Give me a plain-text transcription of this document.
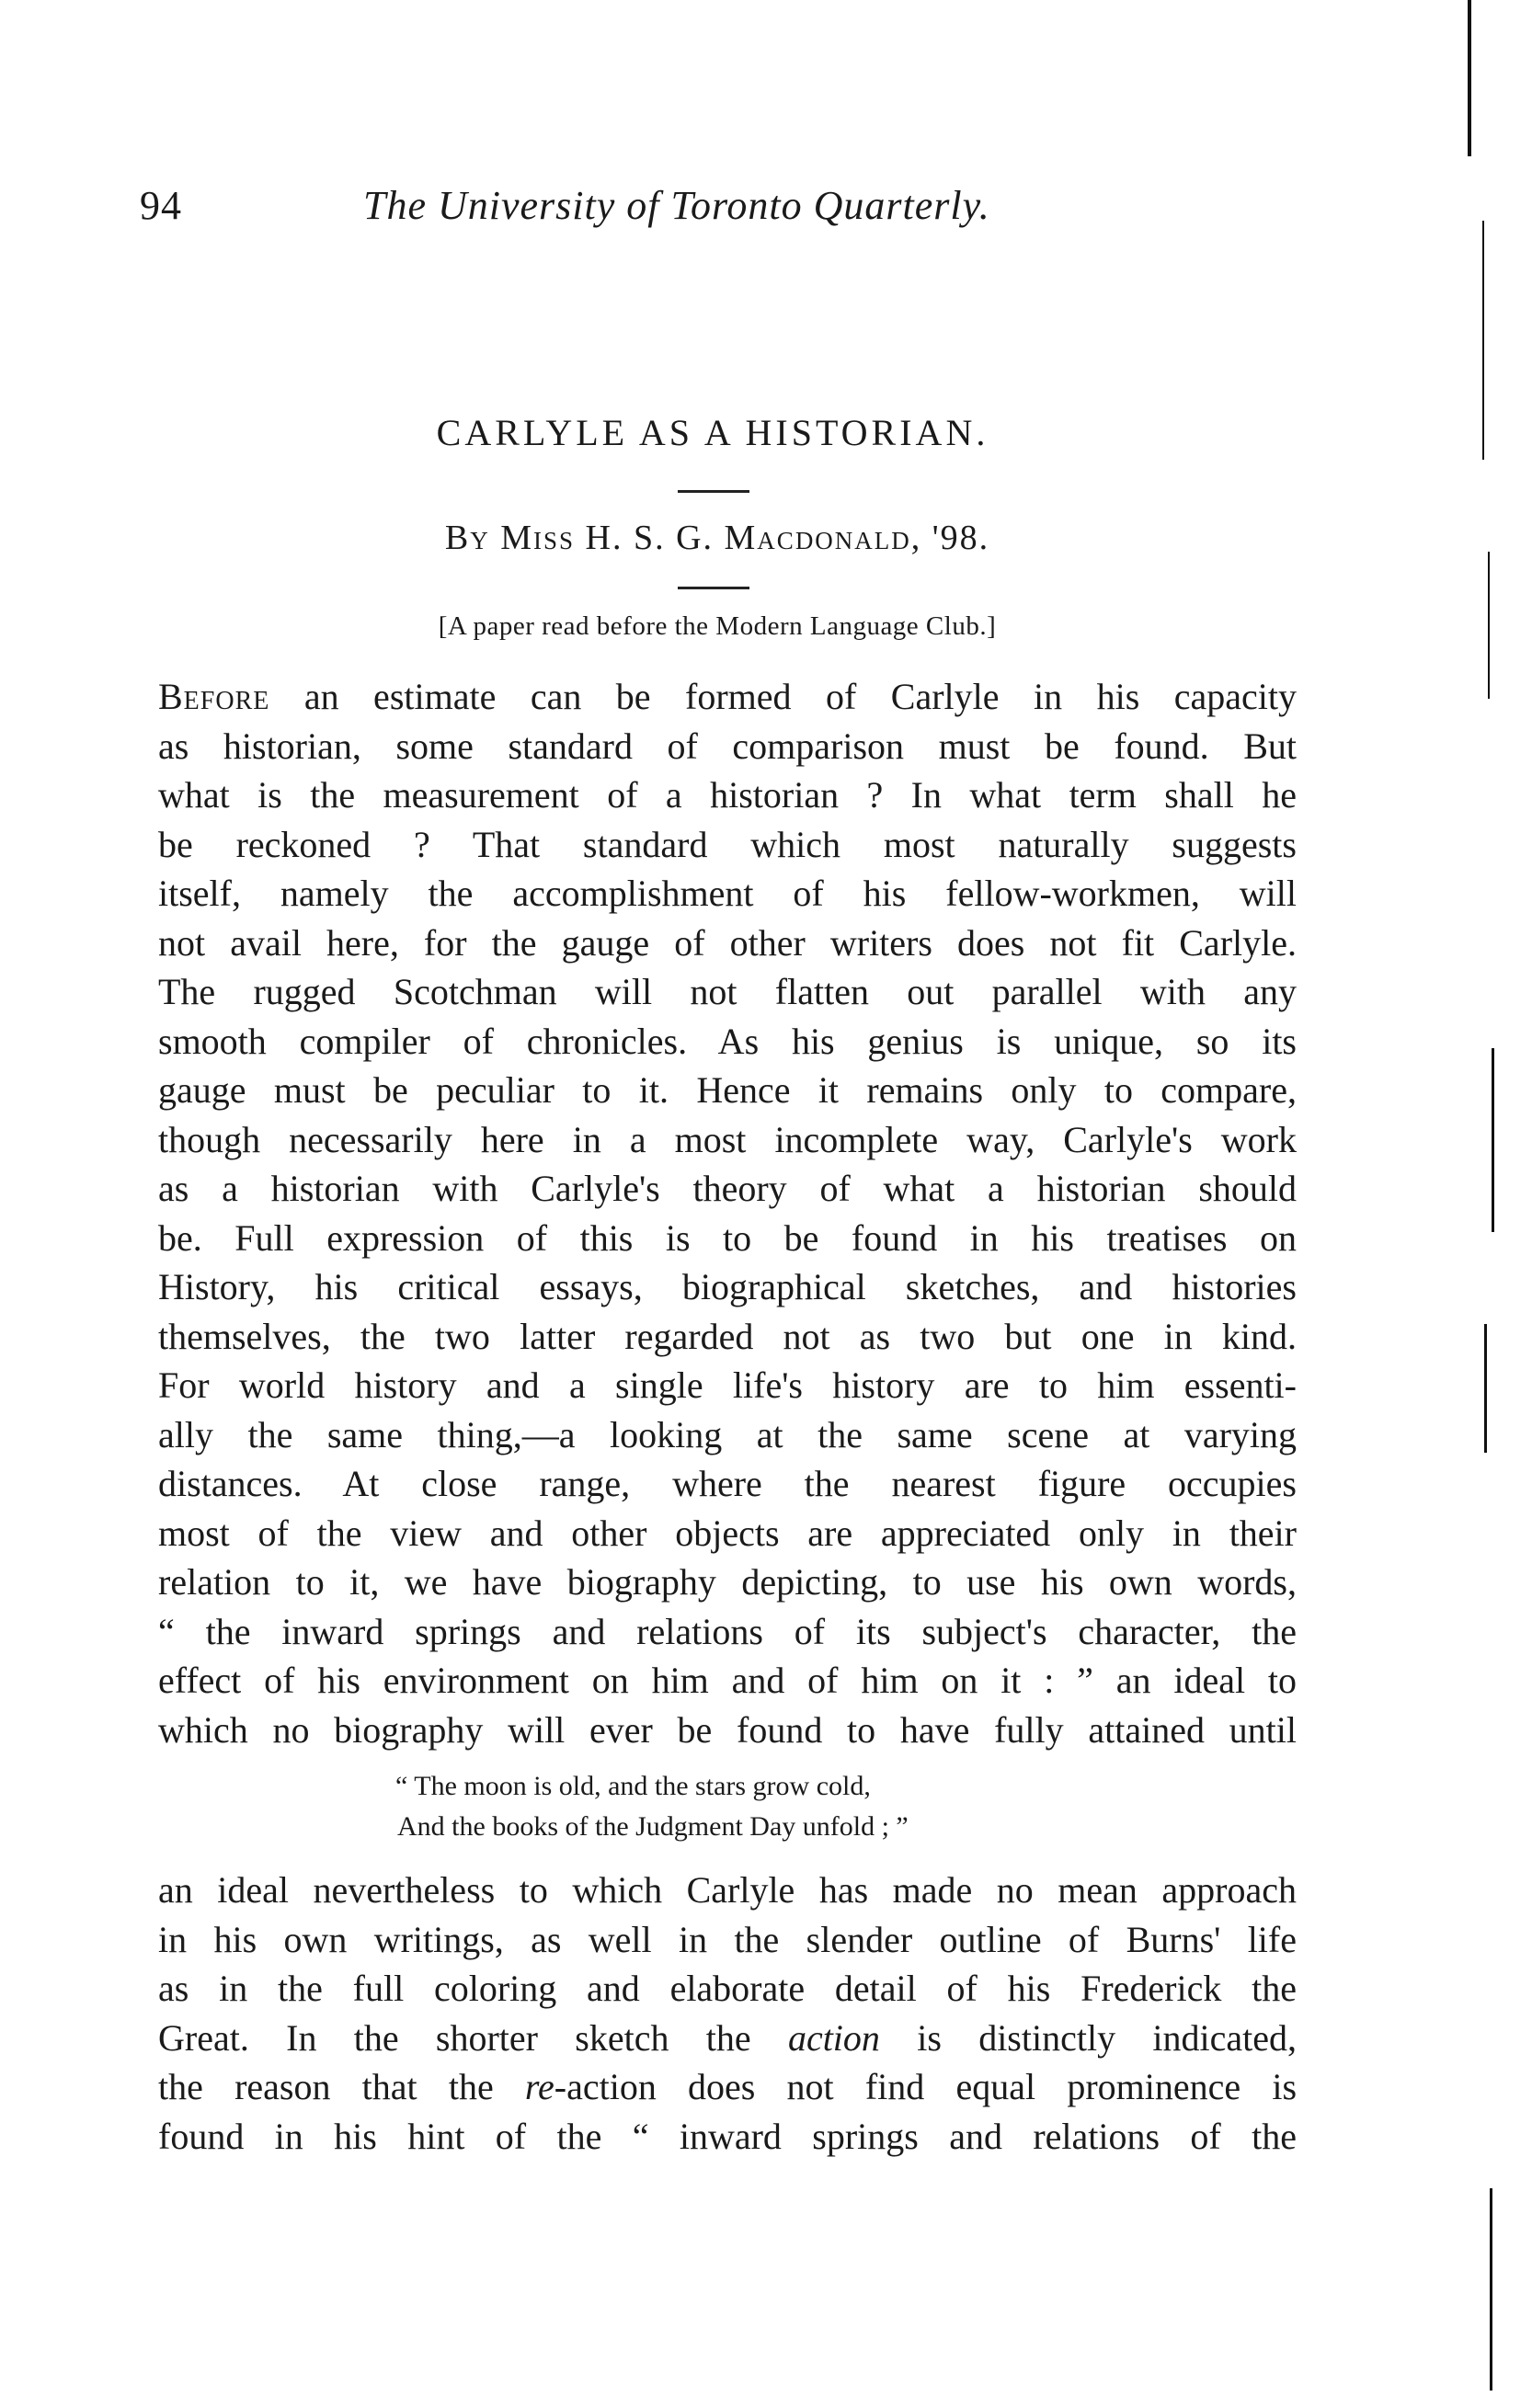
94	The University of Toronto Quarterly.
CARLYLE AS A HISTORIAN.
By Miss H. S. G. Macdonald, '98.
[A paper read before the Modern Language Club.]
Before an estimate can be formed of Carlyle in his capacity
as historian, some standard of comparison must be found. But
what is the measurement of a historian ? In what term shall he
be reckoned ? That standard which most naturally suggests
itself, namely the accomplishment of his fellow-workmen, will
not avail here, for the gauge of other writers does not fit Carlyle.
The rugged Scotchman will not flatten out parallel with any
smooth compiler of chronicles. As his genius is unique, so its
gauge must be peculiar to it. Hence it remains only to compare,
though necessarily here in a most incomplete way, Carlyle's work
as a historian with Carlyle's theory of what a historian should
be. Full expression of this is to be found in his treatises on
History, his critical essays, biographical sketches, and histories
themselves, the two latter regarded not as two but one in kind.
For world history and a single life's history are to him essenti-
ally the same thing,—a looking at the same scene at varying
distances. At close range, where the nearest figure occupies
most of the view and other objects are appreciated only in their
relation to it, we have biography depicting, to use his own words,
“ the inward springs and relations of its subject's character, the
effect of his environment on him and of him on it : ” an ideal to
which no biography will ever be found to have fully attained until
“ The moon is old, and the stars grow cold,
And the books of the Judgment Day unfold ; ”
an ideal nevertheless to which Carlyle has made no mean approach
in his own writings, as well in the slender outline of Burns' life
as in the full coloring and elaborate detail of his Frederick the
Great. In the shorter sketch the action is distinctly indicated,
the reason that the re-action does not find equal prominence is
found in his hint of the “ inward springs and relations of the
